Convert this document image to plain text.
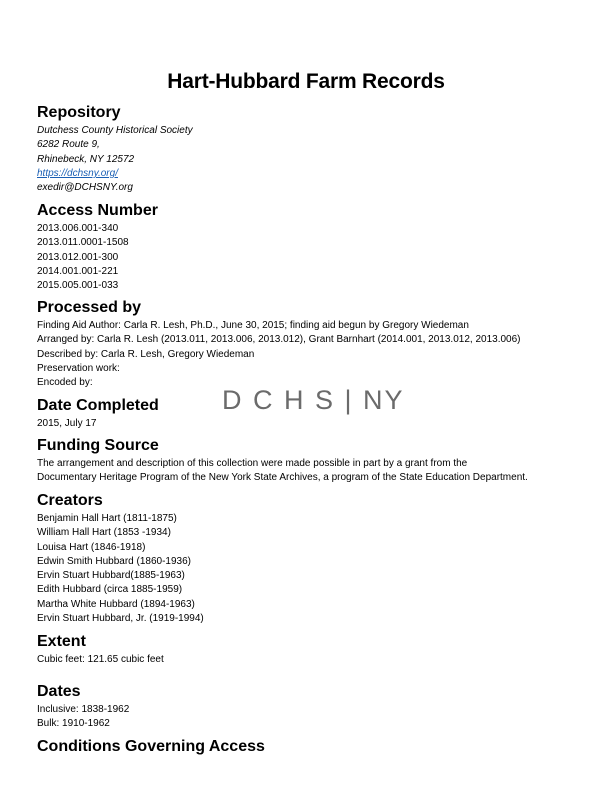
Hart-Hubbard Farm Records
Repository
Dutchess County Historical Society
6282 Route 9,
Rhinebeck, NY 12572
https://dchsny.org/
exedir@DCHSNY.org
Access Number
2013.006.001-340
2013.011.0001-1508
2013.012.001-300
2014.001.001-221
2015.005.001-033
Processed by
Finding Aid Author: Carla R. Lesh, Ph.D., June 30, 2015; finding aid begun by Gregory Wiedeman
Arranged by: Carla R. Lesh (2013.011, 2013.006, 2013.012), Grant Barnhart (2014.001, 2013.012, 2013.006)
Described by: Carla R. Lesh, Gregory Wiedeman
Preservation work:
Encoded by:
D C H S | NY
Date Completed
2015, July 17
Funding Source
The arrangement and description of this collection were made possible in part by a grant from the
Documentary Heritage Program of the New York State Archives, a program of the State Education Department.
Creators
Benjamin Hall Hart (1811-1875)
William Hall Hart (1853 -1934)
Louisa Hart (1846-1918)
Edwin Smith Hubbard (1860-1936)
Ervin Stuart Hubbard(1885-1963)
Edith Hubbard (circa 1885-1959)
Martha White Hubbard (1894-1963)
Ervin Stuart Hubbard, Jr. (1919-1994)
Extent
Cubic feet: 121.65 cubic feet
Dates
Inclusive: 1838-1962
Bulk: 1910-1962
Conditions Governing Access
